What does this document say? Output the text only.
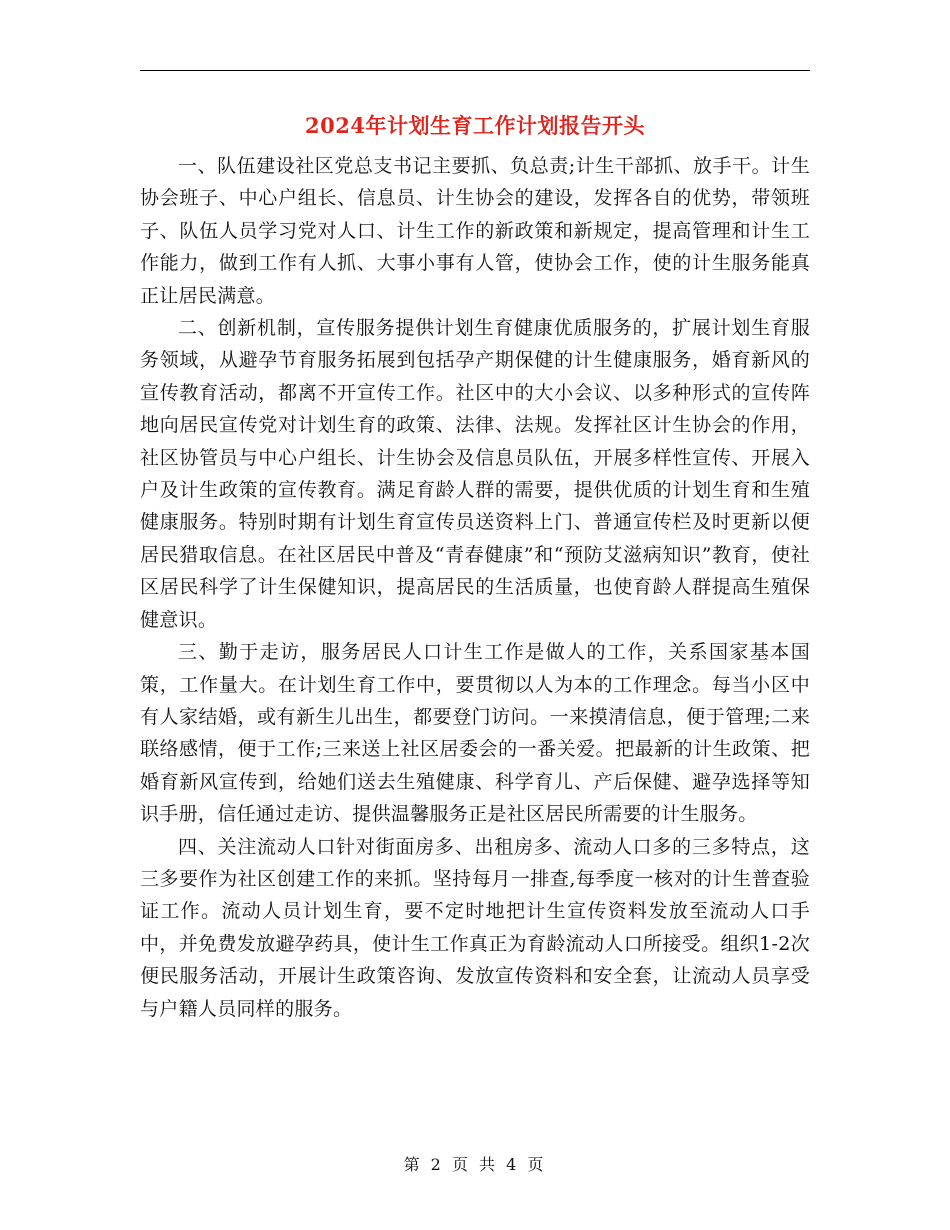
2024年计划生育工作计划报告开头

一、队伍建设社区党总支书记主要抓、负总责;计生干部抓、放手干。计生协会班子、中心户组长、信息员、计生协会的建设，发挥各自的优势，带领班子、队伍人员学习党对人口、计生工作的新政策和新规定，提高管理和计生工作能力，做到工作有人抓、大事小事有人管，使协会工作，使的计生服务能真正让居民满意。

二、创新机制，宣传服务提供计划生育健康优质服务的，扩展计划生育服务领域，从避孕节育服务拓展到包括孕产期保健的计生健康服务，婚育新风的宣传教育活动，都离不开宣传工作。社区中的大小会议、以多种形式的宣传阵地向居民宣传党对计划生育的政策、法律、法规。发挥社区计生协会的作用，社区协管员与中心户组长、计生协会及信息员队伍，开展多样性宣传、开展入户及计生政策的宣传教育。满足育龄人群的需要，提供优质的计划生育和生殖健康服务。特别时期有计划生育宣传员送资料上门、普通宣传栏及时更新以便居民猎取信息。在社区居民中普及“青春健康”和“预防艾滋病知识”教育，使社区居民科学了计生保健知识，提高居民的生活质量，也使育龄人群提高生殖保健意识。

三、勤于走访，服务居民人口计生工作是做人的工作，关系国家基本国策，工作量大。在计划生育工作中，要贯彻以人为本的工作理念。每当小区中有人家结婚，或有新生儿出生，都要登门访问。一来摸清信息，便于管理;二来联络感情，便于工作;三来送上社区居委会的一番关爱。把最新的计生政策、把婚育新风宣传到，给她们送去生殖健康、科学育儿、产后保健、避孕选择等知识手册，信任通过走访、提供温馨服务正是社区居民所需要的计生服务。

四、关注流动人口针对街面房多、出租房多、流动人口多的三多特点，这三多要作为社区创建工作的来抓。坚持每月一排查,每季度一核对的计生普查验证工作。流动人员计划生育，要不定时地把计生宣传资料发放至流动人口手中，并免费发放避孕药具，使计生工作真正为育龄流动人口所接受。组织1-2次便民服务活动，开展计生政策咨询、发放宣传资料和安全套，让流动人员享受与户籍人员同样的服务。

第 2 页 共 4 页
